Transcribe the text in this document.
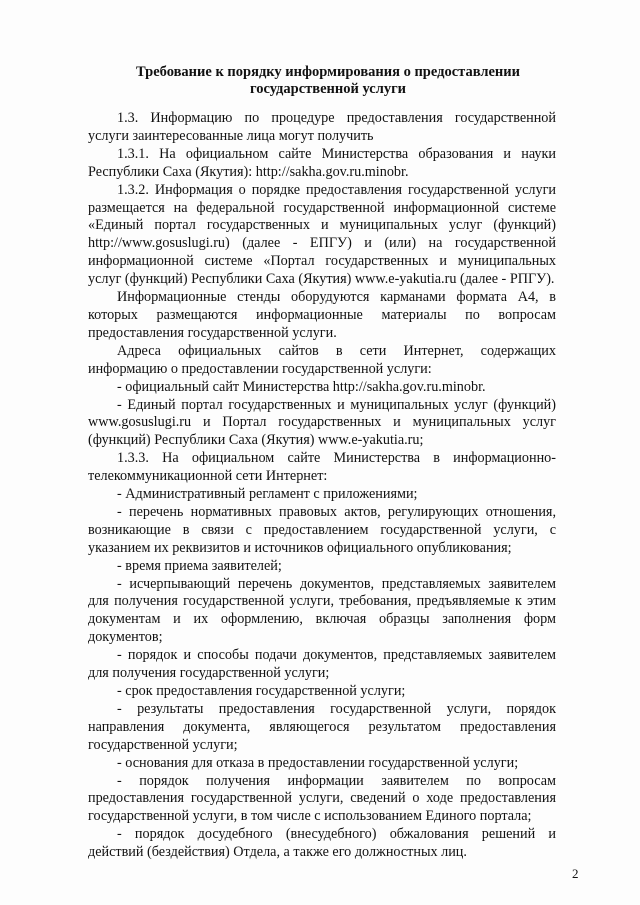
Требование к порядку информирования о предоставлении
государственной услуги

1.3. Информацию по процедуре предоставления государственной услуги заинтересованные лица могут получить

1.3.1. На официальном сайте Министерства образования и науки Республики Саха (Якутия): http://sakha.gov.ru.minobr.

1.3.2. Информация о порядке предоставления государственной услуги размещается на федеральной государственной информационной системе «Единый портал государственных и муниципальных услуг (функций) http://www.gosuslugi.ru) (далее - ЕПГУ) и (или) на государственной информационной системе «Портал государственных и муниципальных услуг (функций) Республики Саха (Якутия) www.e-yakutia.ru (далее - РПГУ).

Информационные стенды оборудуются карманами формата А4, в которых размещаются информационные материалы по вопросам предоставления государственной услуги.

Адреса официальных сайтов в сети Интернет, содержащих информацию о предоставлении государственной услуги:

- официальный сайт Министерства http://sakha.gov.ru.minobr.

- Единый портал государственных и муниципальных услуг (функций) www.gosuslugi.ru и Портал государственных и муниципальных услуг (функций) Республики Саха (Якутия) www.e-yakutia.ru;

1.3.3. На официальном сайте Министерства в информационно-телекоммуникационной сети Интернет:

- Административный регламент с приложениями;

- перечень нормативных правовых актов, регулирующих отношения, возникающие в связи с предоставлением государственной услуги, с указанием их реквизитов и источников официального опубликования;

- время приема заявителей;

- исчерпывающий перечень документов, представляемых заявителем для получения государственной услуги, требования, предъявляемые к этим документам и их оформлению, включая образцы заполнения форм документов;

- порядок и способы подачи документов, представляемых заявителем для получения государственной услуги;

- срок предоставления государственной услуги;

- результаты предоставления государственной услуги, порядок направления документа, являющегося результатом предоставления государственной услуги;

- основания для отказа в предоставлении государственной услуги;

- порядок получения информации заявителем по вопросам предоставления государственной услуги, сведений о ходе предоставления государственной услуги, в том числе с использованием Единого портала;

- порядок досудебного (внесудебного) обжалования решений и действий (бездействия) Отдела, а также его должностных лиц.

2
